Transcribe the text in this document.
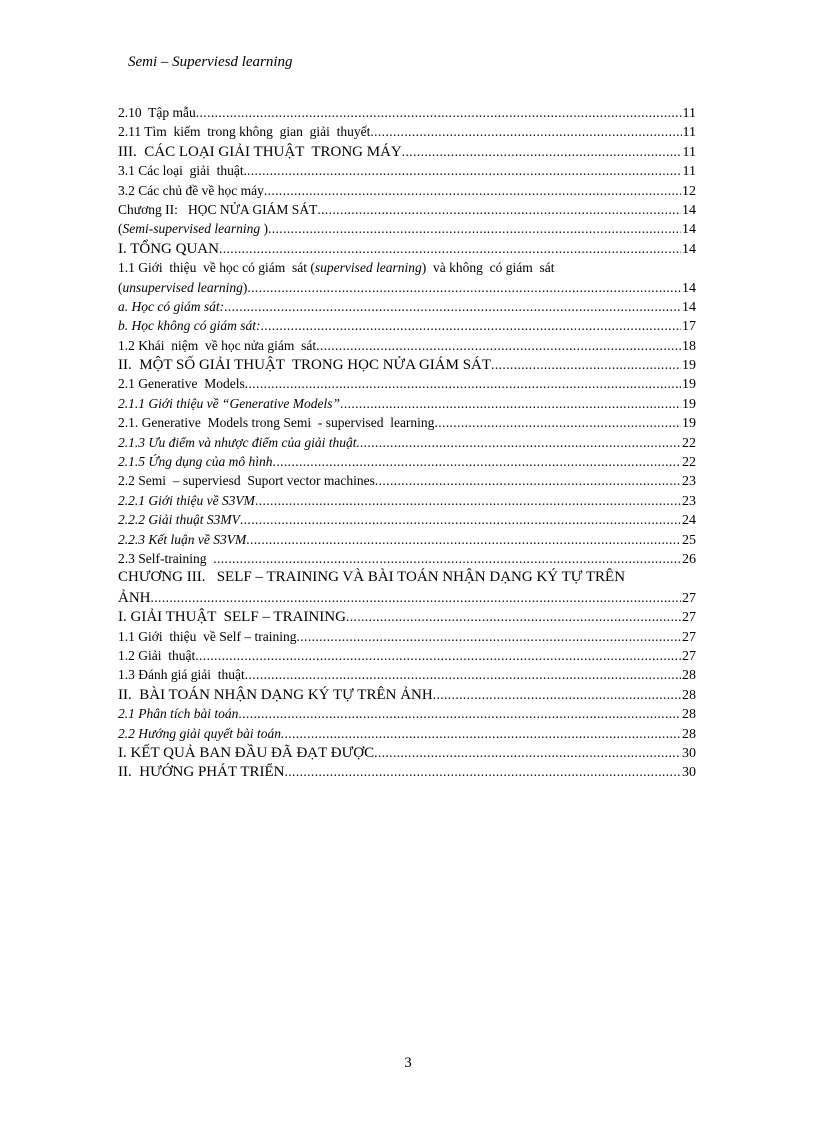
Semi – Superviesd learning
2.10  Tập mẫu .....	11
2.11 Tìm  kiếm  trong không  gian  giải  thuyết .....	11
III.  CÁC LOẠI GIẢI THUẬT  TRONG MÁY .....	11
3.1 Các loại  giải  thuật. .....	11
3.2 Các chủ đề về học máy .....	12
Chương II:   HỌC NỬA GIÁM SÁT .....	14
(Semi-supervised learning ) .....	14
I. TỔNG QUAN .....	14
1.1 Giới  thiệu  về học có giám  sát (supervised learning)  và không  có giám  sát
(unsupervised learning) .....	14
a. Học có giám sát: .....	14
b. Học không có giám sát: .....	17
1.2 Khái  niệm  về học nửa giám  sát .....	18
II.  MỘT SỐ GIẢI THUẬT  TRONG HỌC NỬA GIÁM SÁT .....	19
2.1 Generative  Models .....	19
2.1.1 Giới thiệu về “Generative Models” .....	19
2.1. Generative  Models trong Semi  - supervised  learning .....	19
2.1.3 Ưu điểm và nhược điểm của giải thuật. .....	22
2.1.5 Ứng dụng của mô hình .....	22
2.2 Semi  – superviesd  Suport vector machines .....	23
2.2.1 Giới thiệu về S3VM .....	23
2.2.2 Giải thuật S3MV .....	24
2.2.3 Kết luận về S3VM .....	25
2.3 Self-training .....	26
CHƯƠNG III.   SELF – TRAINING VÀ BÀI TOÁN NHẬN DẠNG KÝ TỰ TRÊN
ẢNH .....	27
I. GIẢI THUẬT  SELF – TRAINING .....	27
1.1 Giới  thiệu  về Self – training .....	27
1.2 Giải  thuật .....	27
1.3 Đánh giá giải  thuật .....	28
II.  BÀI TOÁN NHẬN DẠNG KÝ TỰ TRÊN ẢNH .....	28
2.1 Phân tích bài toán .....	28
2.2 Hướng giải quyết bài toán. .....	28
I. KẾT QUẢ BAN ĐẦU ĐÃ ĐẠT ĐƯỢC .....	30
II.  HƯỚNG PHÁT TRIỂN .....	30
3
